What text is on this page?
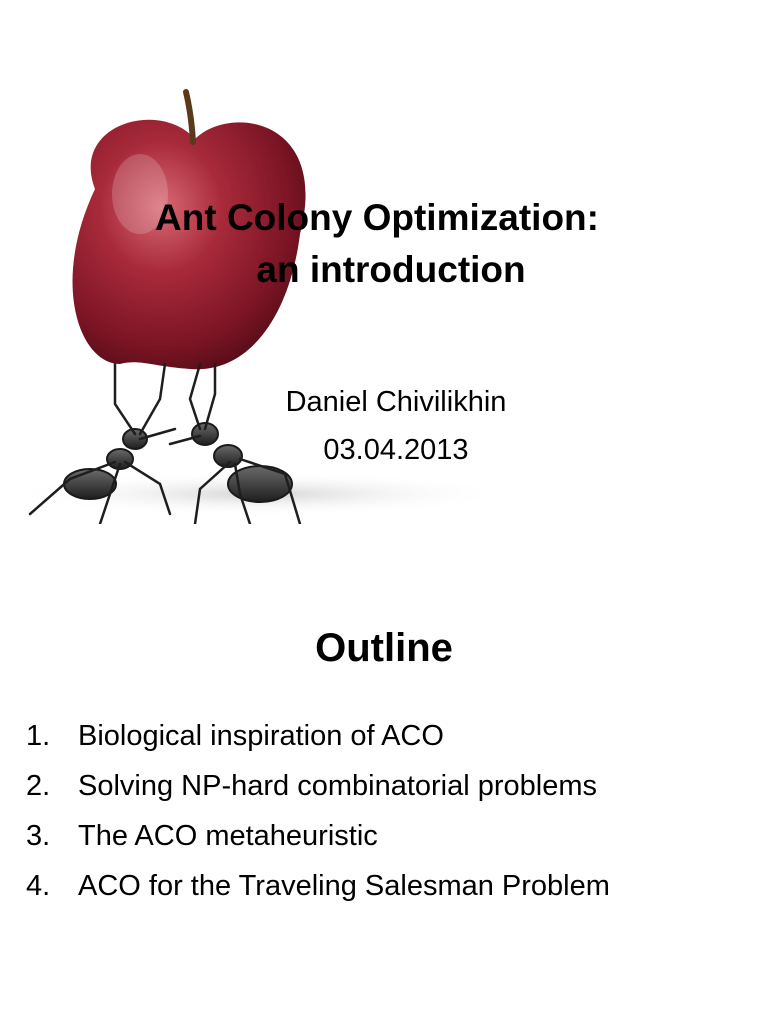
Ant Colony Optimization:
an introduction
Daniel Chivilikhin
03.04.2013
Outline
1. Biological inspiration of ACO
2. Solving NP-hard combinatorial problems
3. The ACO metaheuristic
4. ACO for the Traveling Salesman Problem
